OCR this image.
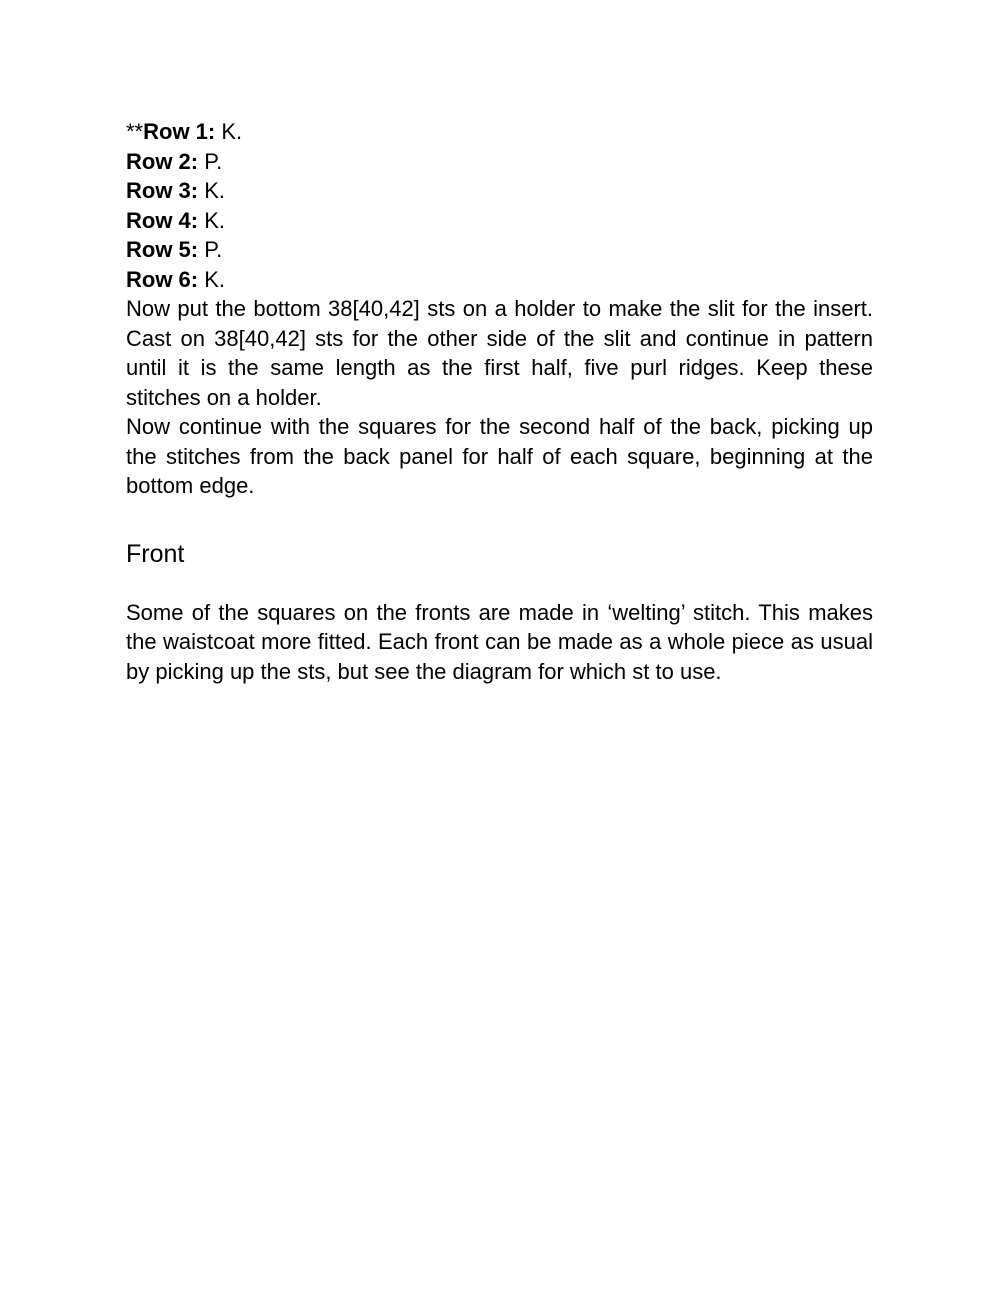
**Row 1: K.

Row 2: P.

Row 3: K.

Row 4: K.

Row 5: P.

Row 6: K.

Now put the bottom 38[40,42] sts on a holder to make the slit for the insert. Cast on 38[40,42] sts for the other side of the slit and continue in pattern until it is the same length as the first half, five purl ridges. Keep these stitches on a holder.

Now continue with the squares for the second half of the back, picking up the stitches from the back panel for half of each square, beginning at the bottom edge.

Front

Some of the squares on the fronts are made in ‘welting’ stitch. This makes the waistcoat more fitted. Each front can be made as a whole piece as usual by picking up the sts, but see the diagram for which st to use.
